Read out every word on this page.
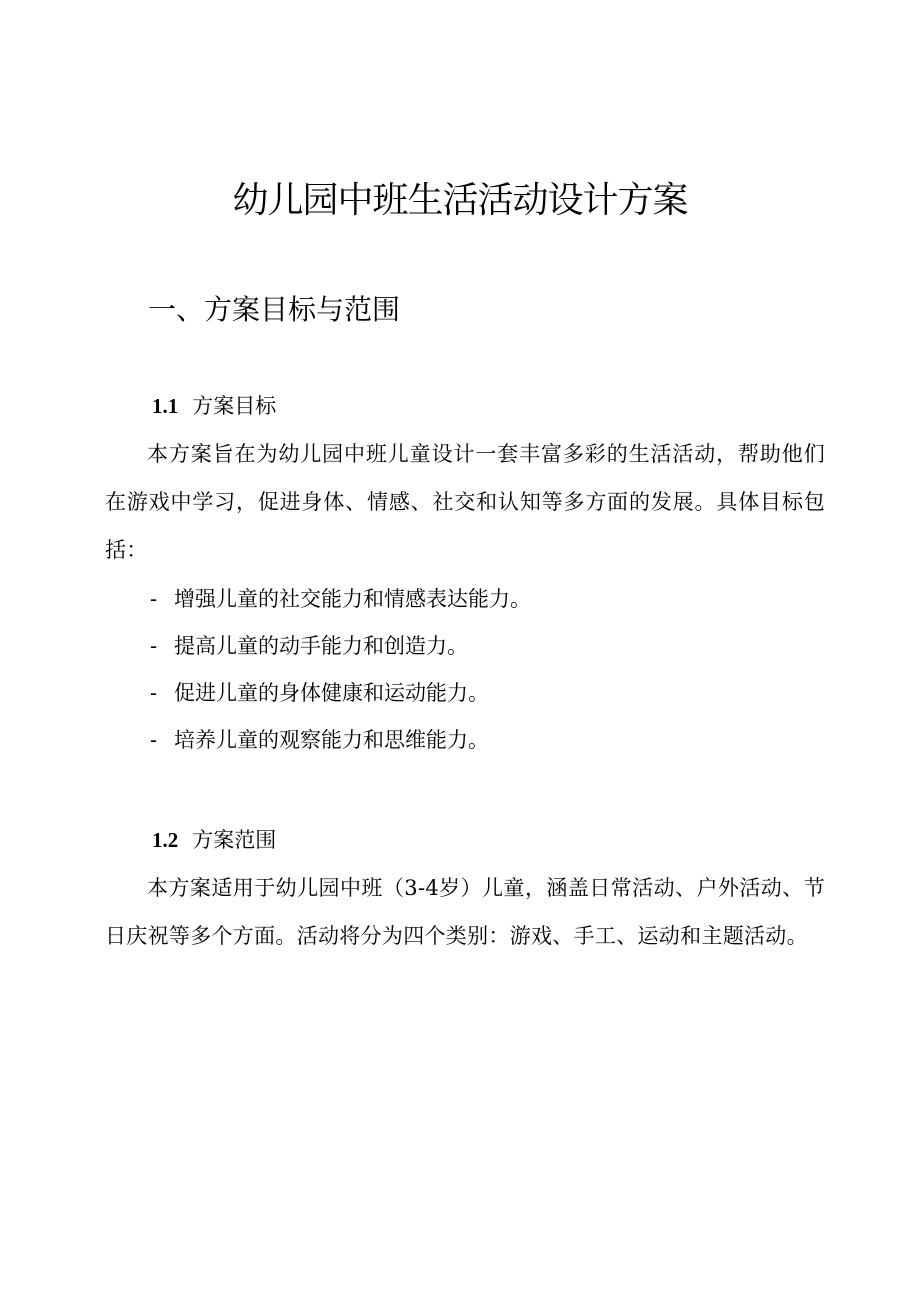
幼儿园中班生活活动设计方案
一、方案目标与范围
1.1 方案目标

本方案旨在为幼儿园中班儿童设计一套丰富多彩的生活活动，帮助他们在游戏中学习，促进身体、情感、社交和认知等多方面的发展。具体目标包括：

- 增强儿童的社交能力和情感表达能力。
- 提高儿童的动手能力和创造力。
- 促进儿童的身体健康和运动能力。
- 培养儿童的观察能力和思维能力。
1.2 方案范围

本方案适用于幼儿园中班（3-4岁）儿童，涵盖日常活动、户外活动、节日庆祝等多个方面。活动将分为四个类别：游戏、手工、运动和主题活动。
